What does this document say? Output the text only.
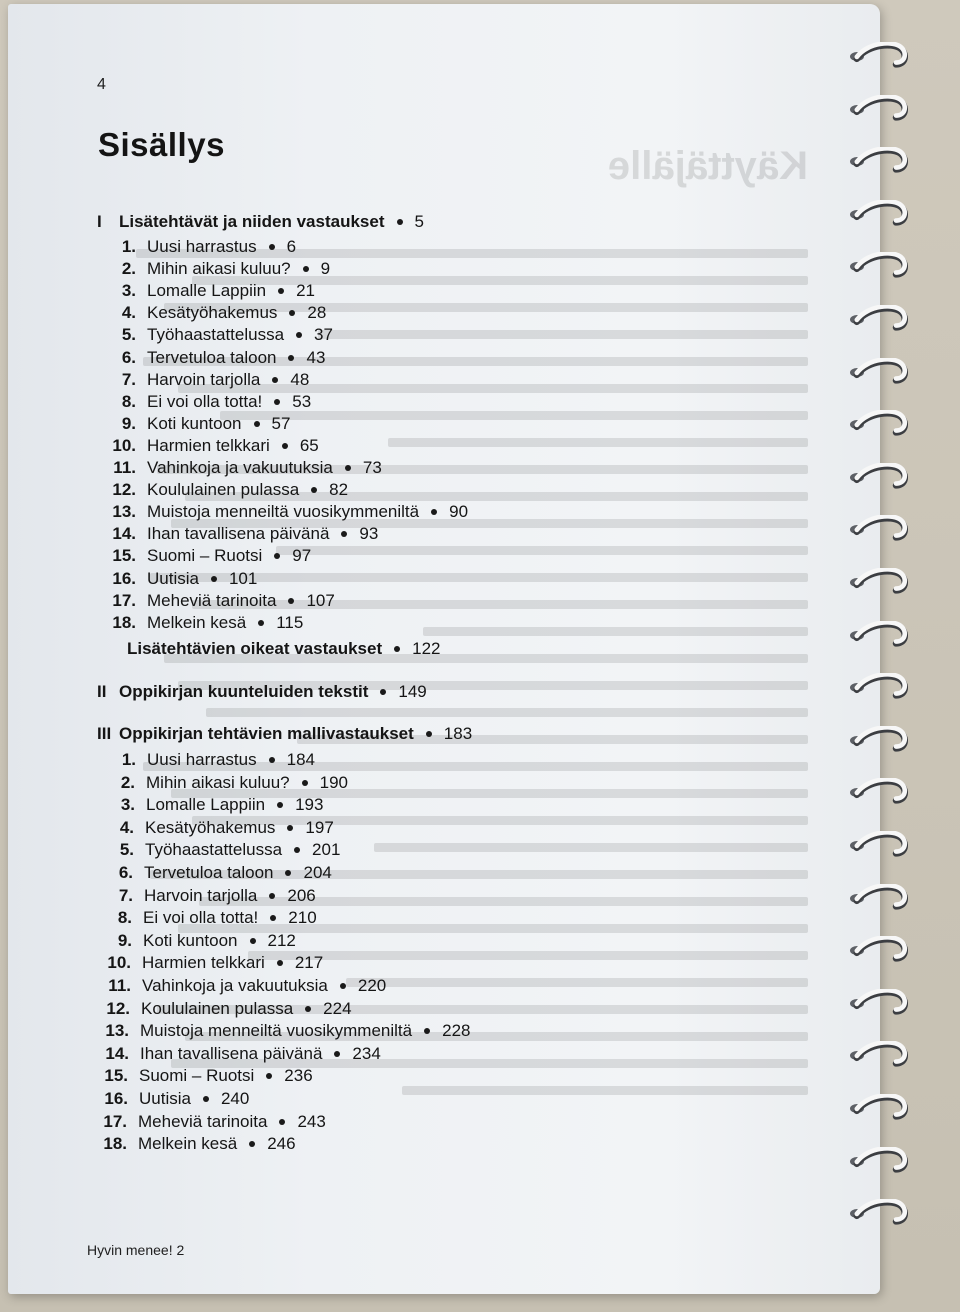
Käyttäjälle
4
Sisällys
I Lisätehtävät ja niiden vastaukset 5
1. Uusi harrastus 6
2. Mihin aikasi kuluu? 9
3. Lomalle Lappiin 21
4. Kesätyöhakemus 28
5. Työhaastattelussa 37
6. Tervetuloa taloon 43
7. Harvoin tarjolla 48
8. Ei voi olla totta! 53
9. Koti kuntoon 57
10. Harmien telkkari 65
11. Vahinkoja ja vakuutuksia 73
12. Koululainen pulassa 82
13. Muistoja menneiltä vuosikymmeniltä 90
14. Ihan tavallisena päivänä 93
15. Suomi – Ruotsi 97
16. Uutisia 101
17. Meheviä tarinoita 107
18. Melkein kesä 115
Lisätehtävien oikeat vastaukset 122
II Oppikirjan kuunteluiden tekstit 149
III Oppikirjan tehtävien mallivastaukset 183
1. Uusi harrastus 184
2. Mihin aikasi kuluu? 190
3. Lomalle Lappiin 193
4. Kesätyöhakemus 197
5. Työhaastattelussa 201
6. Tervetuloa taloon 204
7. Harvoin tarjolla 206
8. Ei voi olla totta! 210
9. Koti kuntoon 212
10. Harmien telkkari 217
11. Vahinkoja ja vakuutuksia 220
12. Koululainen pulassa 224
13. Muistoja menneiltä vuosikymmeniltä 228
14. Ihan tavallisena päivänä 234
15. Suomi – Ruotsi 236
16. Uutisia 240
17. Meheviä tarinoita 243
18. Melkein kesä 246
Hyvin menee! 2
